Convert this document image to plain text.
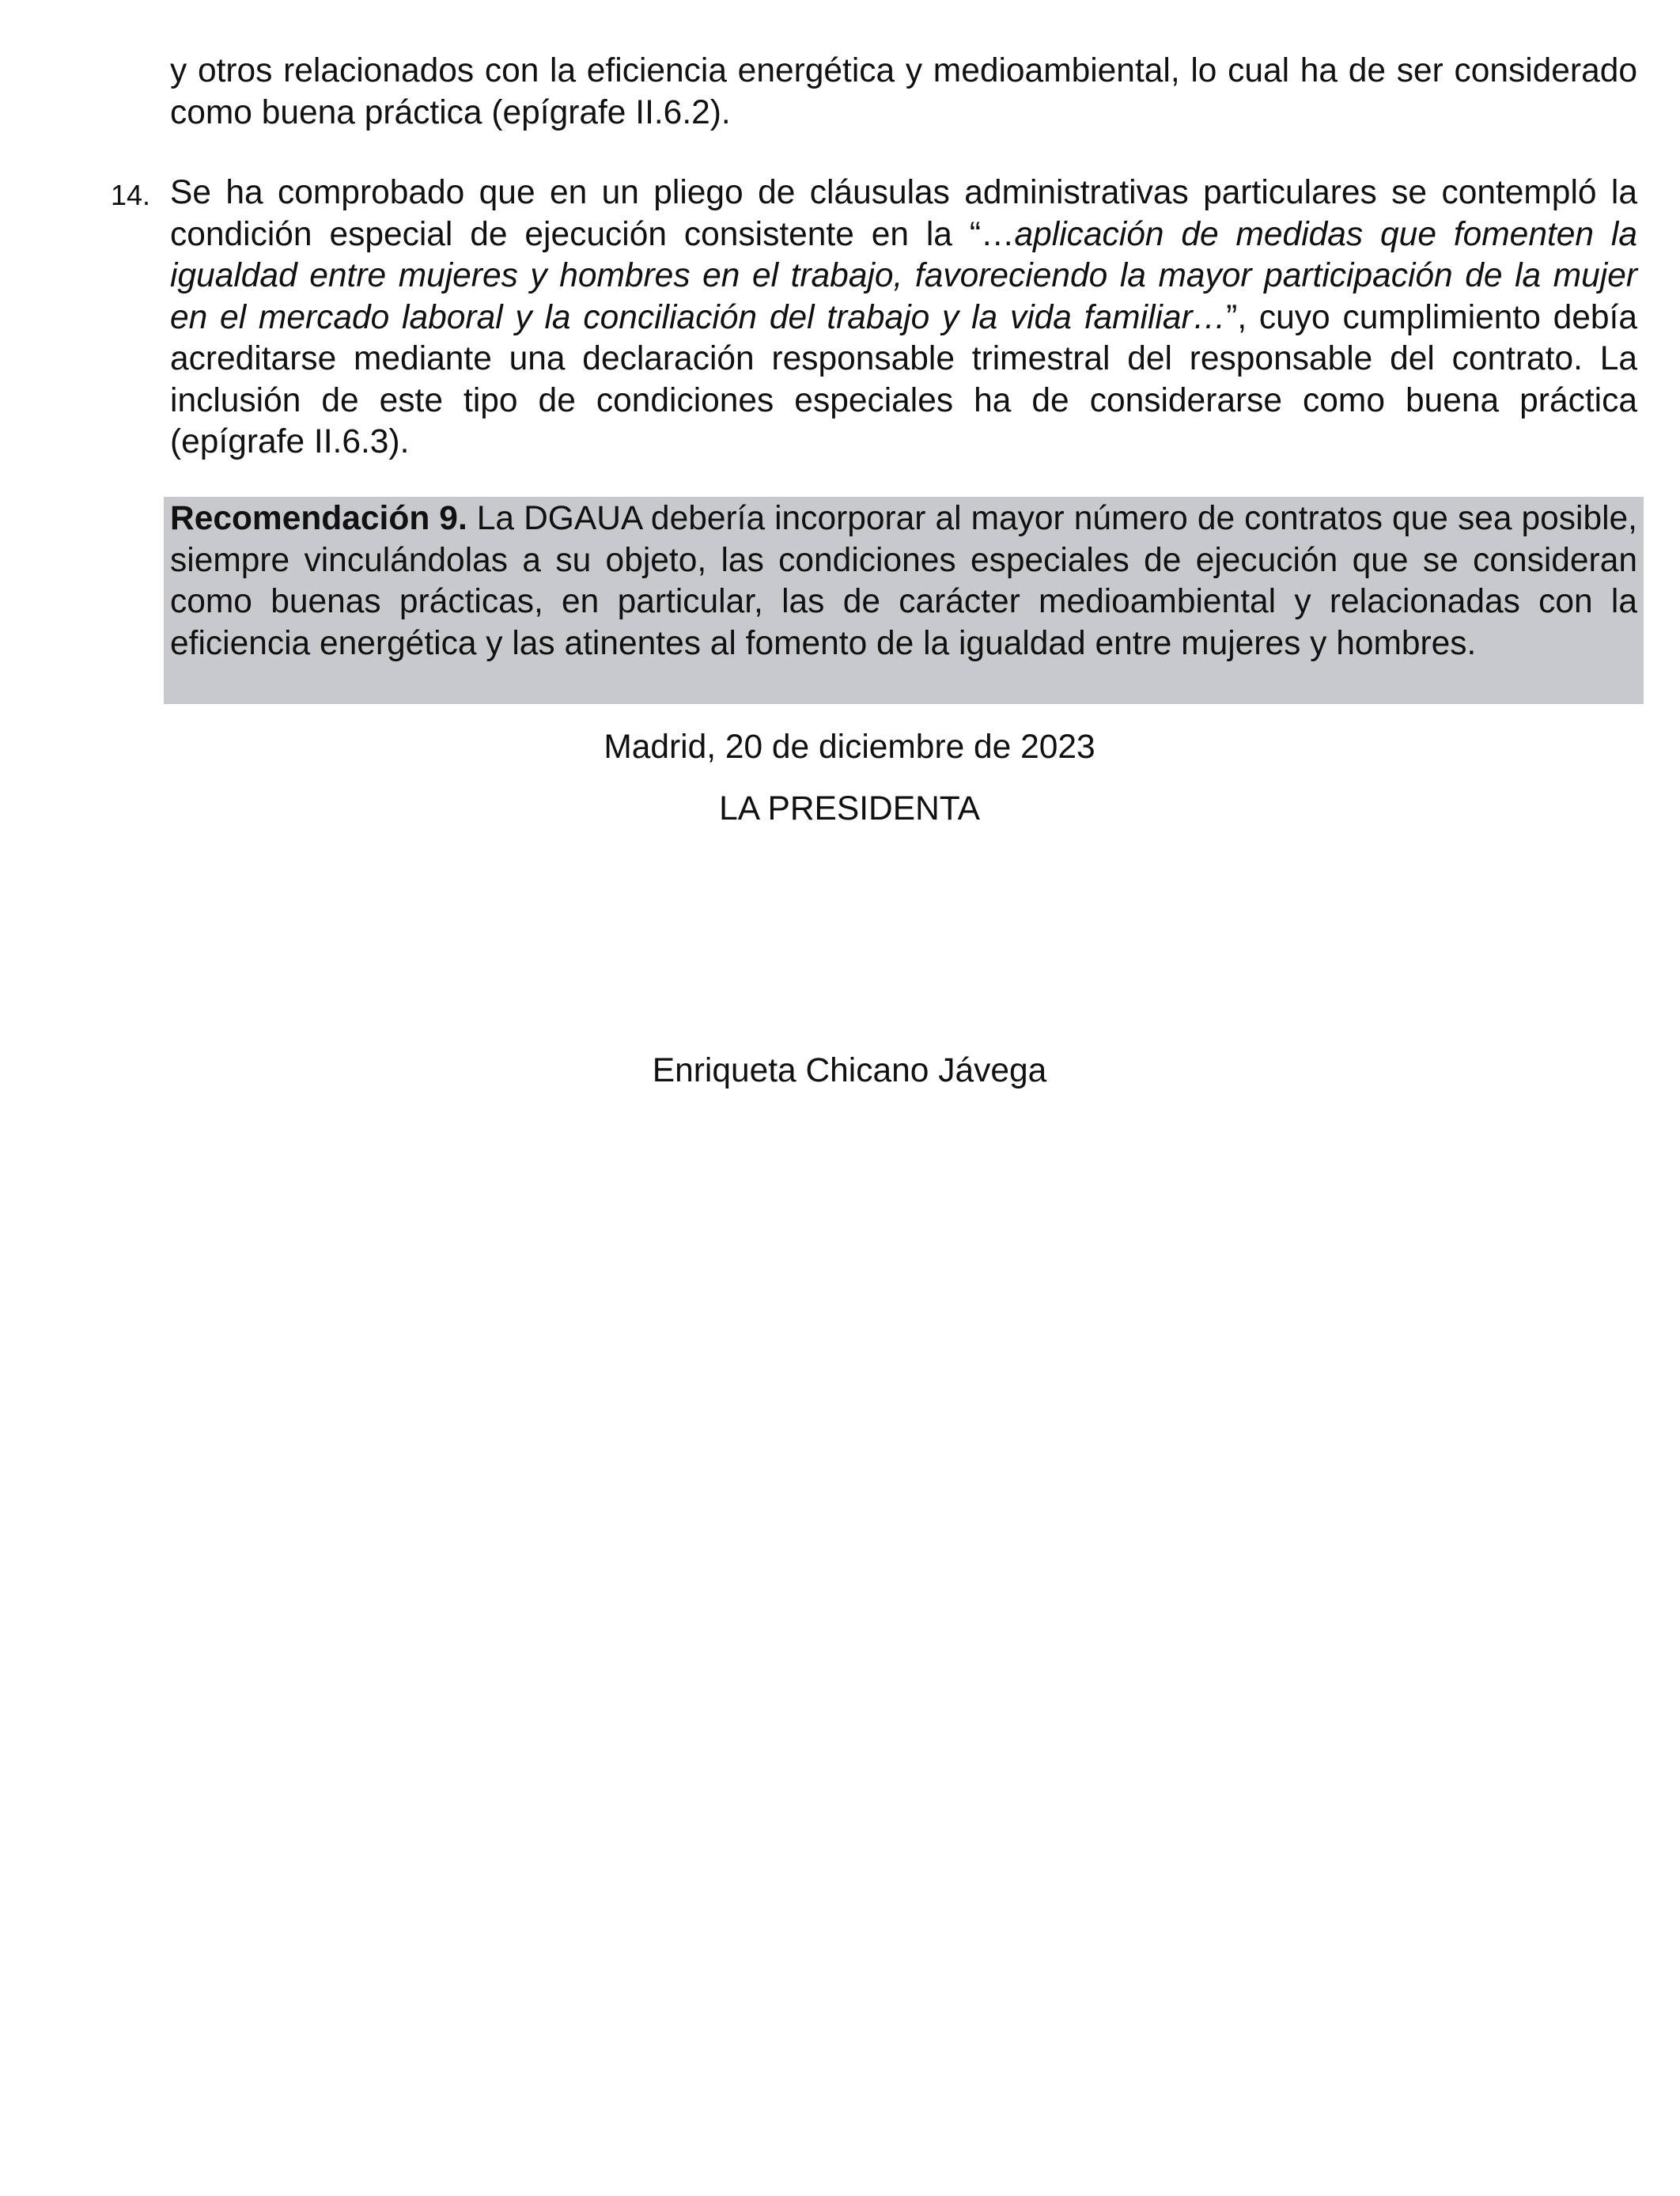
y otros relacionados con la eficiencia energética y medioambiental, lo cual ha de ser considerado como buena práctica (epígrafe II.6.2).

14. Se ha comprobado que en un pliego de cláusulas administrativas particulares se contempló la condición especial de ejecución consistente en la “…aplicación de medidas que fomenten la igualdad entre mujeres y hombres en el trabajo, favoreciendo la mayor participación de la mujer en el mercado laboral y la conciliación del trabajo y la vida familiar…”, cuyo cumplimiento debía acreditarse mediante una declaración responsable trimestral del responsable del contrato. La inclusión de este tipo de condiciones especiales ha de considerarse como buena práctica (epígrafe II.6.3).

Recomendación 9. La DGAUA debería incorporar al mayor número de contratos que sea posible, siempre vinculándolas a su objeto, las condiciones especiales de ejecución que se consideran como buenas prácticas, en particular, las de carácter medioambiental y relacionadas con la eficiencia energética y las atinentes al fomento de la igualdad entre mujeres y hombres.

Madrid, 20 de diciembre de 2023

LA PRESIDENTA

Enriqueta Chicano Jávega
